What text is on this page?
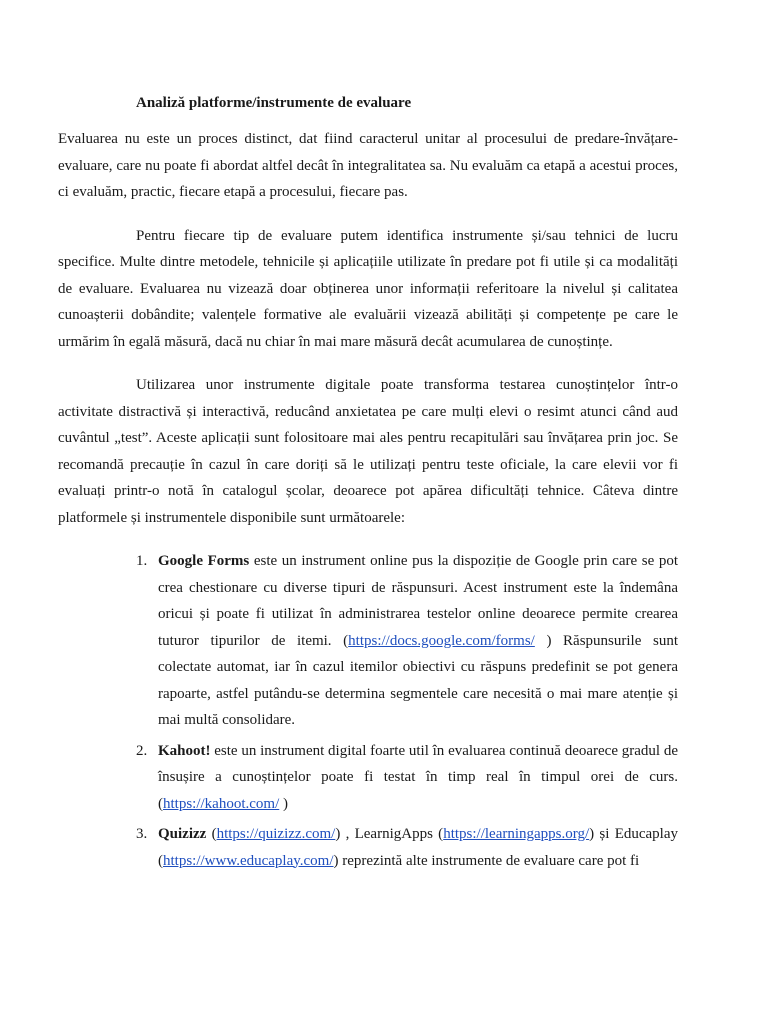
Analiză platforme/instrumente de evaluare

Evaluarea nu este un proces distinct, dat fiind caracterul unitar al procesului de predare-învățare-evaluare, care nu poate fi abordat altfel decât în integralitatea sa. Nu evaluăm ca etapă a acestui proces, ci evaluăm, practic, fiecare etapă a procesului, fiecare pas.

Pentru fiecare tip de evaluare putem identifica instrumente și/sau tehnici de lucru specifice. Multe dintre metodele, tehnicile și aplicațiile utilizate în predare pot fi utile și ca modalități de evaluare. Evaluarea nu vizează doar obținerea unor informații referitoare la nivelul și calitatea cunoașterii dobândite; valențele formative ale evaluării vizează abilități și competențe pe care le urmărim în egală măsură, dacă nu chiar în mai mare măsură decât acumularea de cunoștințe.

Utilizarea unor instrumente digitale poate transforma testarea cunoștințelor într-o activitate distractivă și interactivă, reducând anxietatea pe care mulți elevi o resimt atunci când aud cuvântul „test”. Aceste aplicații sunt folositoare mai ales pentru recapitulări sau învățarea prin joc. Se recomandă precauție în cazul în care doriți să le utilizați pentru teste oficiale, la care elevii vor fi evaluați printr-o notă în catalogul școlar, deoarece pot apărea dificultăți tehnice. Câteva dintre platformele și instrumentele disponibile sunt următoarele:

1. Google Forms este un instrument online pus la dispoziție de Google prin care se pot crea chestionare cu diverse tipuri de răspunsuri. Acest instrument este la îndemâna oricui și poate fi utilizat în administrarea testelor online deoarece permite crearea tuturor tipurilor de itemi. (https://docs.google.com/forms/ ) Răspunsurile sunt colectate automat, iar în cazul itemilor obiectivi cu răspuns predefinit se pot genera rapoarte, astfel putându-se determina segmentele care necesită o mai mare atenție și mai multă consolidare.
2. Kahoot! este un instrument digital foarte util în evaluarea continuă deoarece gradul de însușire a cunoștințelor poate fi testat în timp real în timpul orei de curs. (https://kahoot.com/ )
3. Quizizz (https://quizizz.com/) , LearnigApps (https://learningapps.org/) și Educaplay (https://www.educaplay.com/) reprezintă alte instrumente de evaluare care pot fi
